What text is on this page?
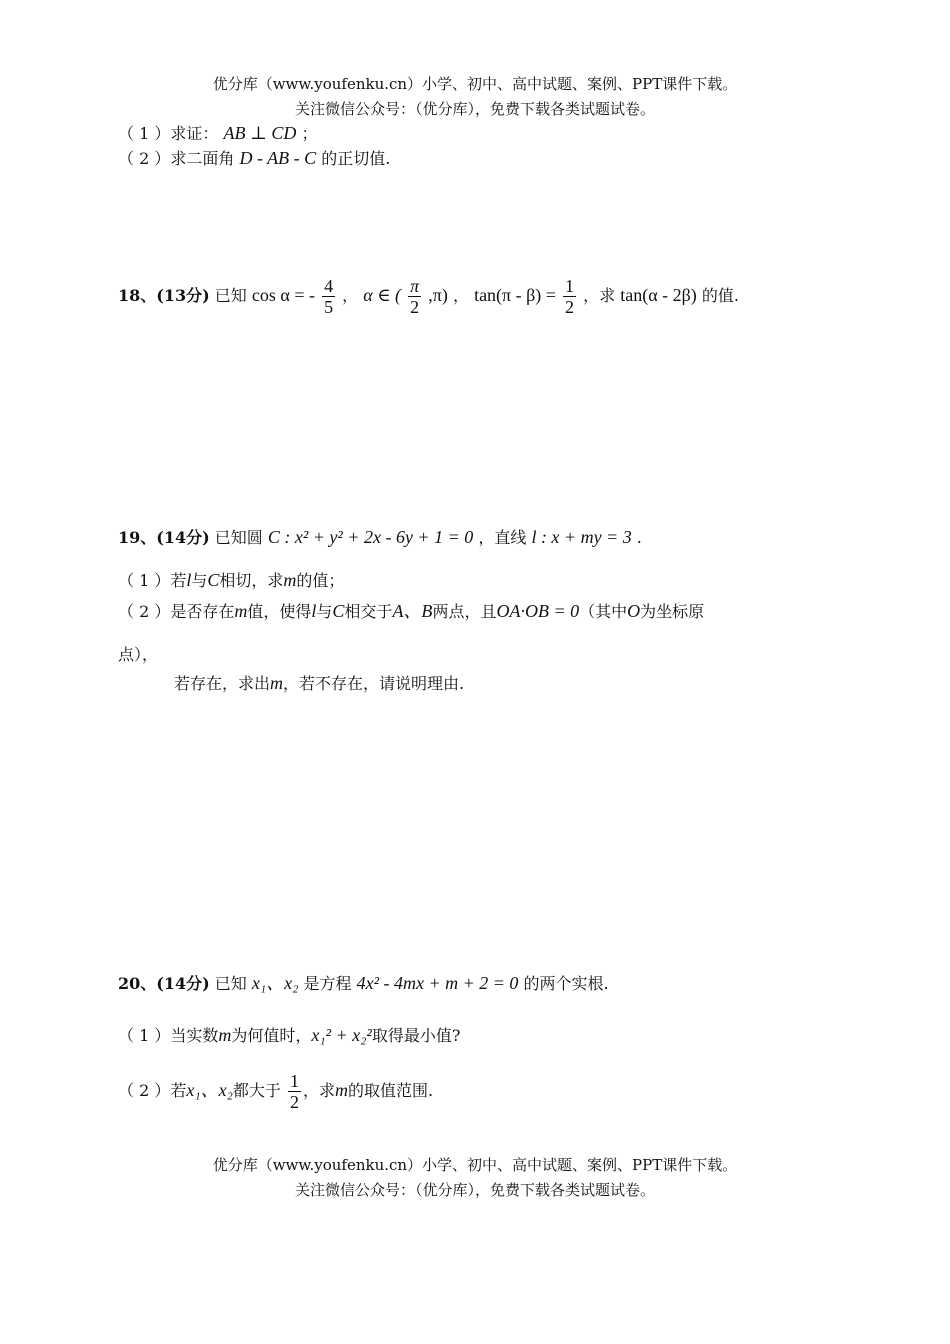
优分库（www.youfenku.cn）小学、初中、高中试题、案例、PPT课件下载。
关注微信公众号：（优分库），免费下载各类试题试卷。
（ 1 ）求证： AB ⊥ CD ；
（ 2 ）求二面角 D - AB - C 的正切值.
18、(13分) 已知 cos α = - $\frac{4}{5}$ ， α ∈ ( $\frac{\pi}{2} ,\pi$) ， $\tan(\pi - \beta) = \frac{1}{2}$ ，求 tan(α - 2β) 的值.
19、(14分) 已知圆 C : x² + y² + 2x - 6y + 1 = 0 ，直线 l : x + my = 3 .
（ 1 ）若l与C相切，求m的值；
（ 2 ）是否存在m值，使得l与C相交于A、B两点，且OA·OB = 0（其中O为坐标原
点），
若存在，求出m，若不存在，请说明理由.
20、(14分) 已知 x₁、x₂ 是方程 4x² - 4mx + m + 2 = 0 的两个实根.
（ 1 ）当实数m为何值时，x₁² + x₂²取得最小值?
（ 2 ）若x₁、x₂都大于 $\frac{1}{2}$ ，求m的取值范围.
优分库（www.youfenku.cn）小学、初中、高中试题、案例、PPT课件下载。
关注微信公众号：（优分库），免费下载各类试题试卷。
